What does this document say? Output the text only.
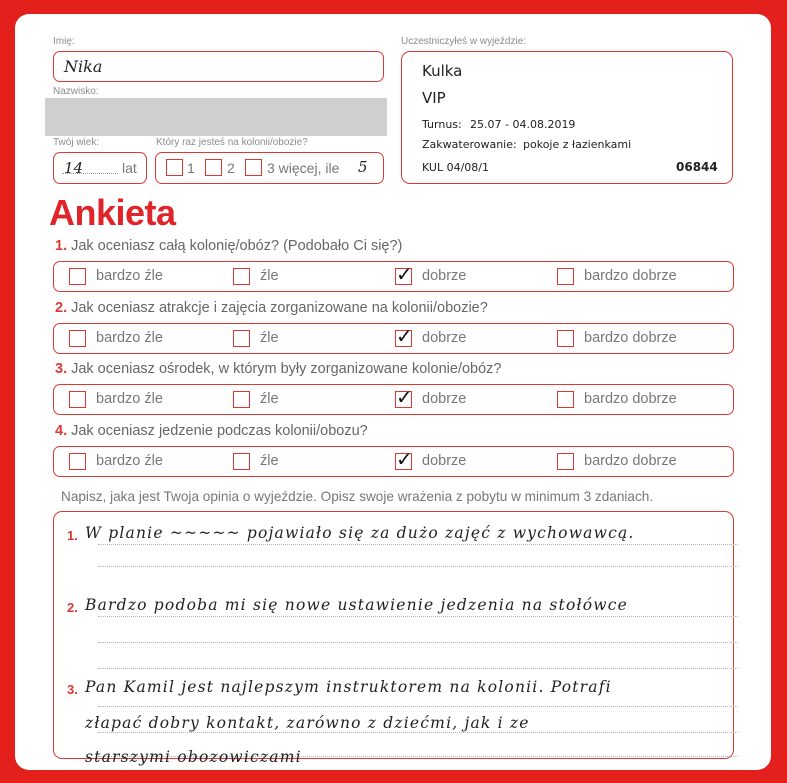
Imię:
Nika
Nazwisko:
Twój wiek:
14	lat
Który raz jesteś na kolonii/obozie?
1 2 3 więcej, ile 5
Uczestniczyłeś w wyjeździe:
Kulka
VIP
Turnus: 25.07 - 04.08.2019
Zakwaterowanie: pokoje z łazienkami
KUL 04/08/1	06844
Ankieta
1. Jak oceniasz całą kolonię/obóz? (Podobało Ci się?)
bardzo źle	źle	dobrze
✓	bardzo dobrze
2. Jak oceniasz atrakcje i zajęcia zorganizowane na kolonii/obozie?
bardzo źle	źle	dobrze
✓	bardzo dobrze
3. Jak oceniasz ośrodek, w którym były zorganizowane kolonie/obóz?
bardzo źle	źle	dobrze
✓	bardzo dobrze
4. Jak oceniasz jedzenie podczas kolonii/obozu?
bardzo źle	źle	dobrze
✓	bardzo dobrze
Napisz, jaka jest Twoja opinia o wyjeździe. Opisz swoje wrażenia z pobytu w minimum 3 zdaniach.
1. W planie ~~~~~ pojawiało się za dużo zajęć z wychowawcą.
2. Bardzo podoba mi się nowe ustawienie jedzenia na stołówce
3. Pan Kamil jest najlepszym instruktorem na kolonii. Potrafi
złapać dobry kontakt, zarówno z dziećmi, jak i ze
starszymi obozowiczami
